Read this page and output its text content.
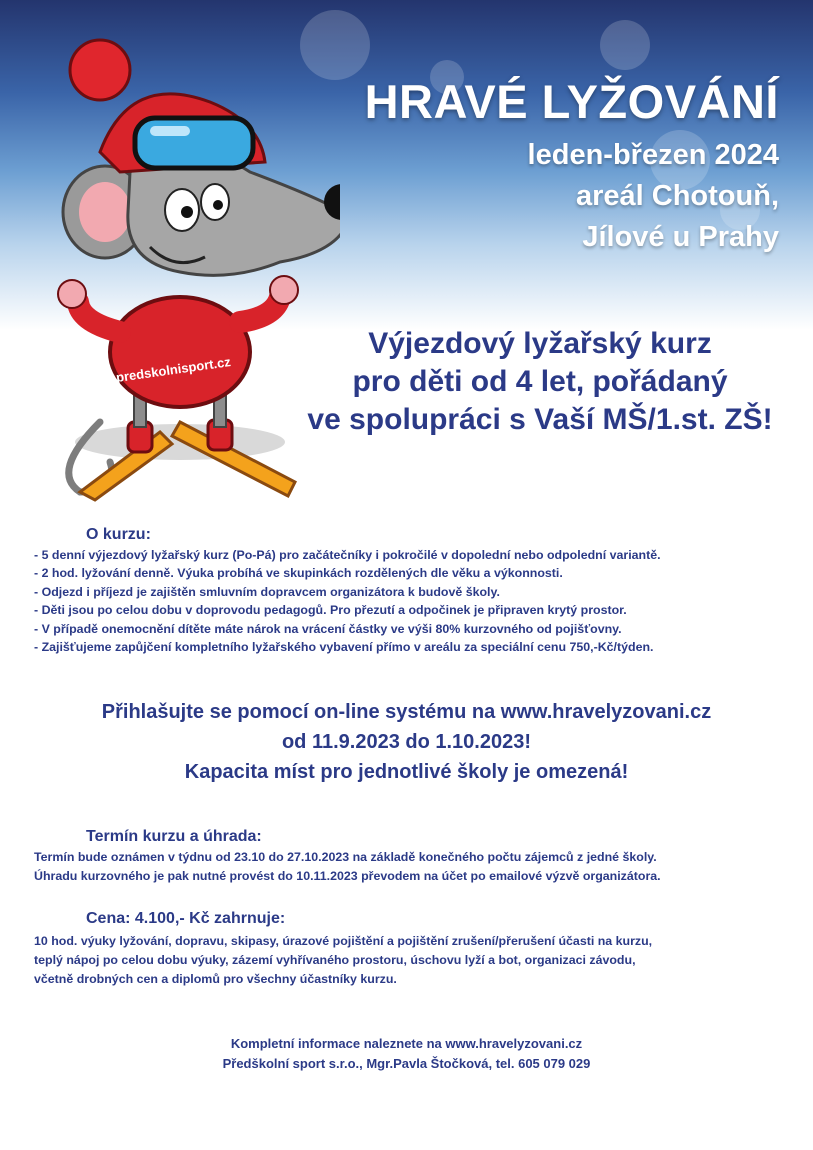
HRAVÉ LYŽOVÁNÍ
leden-březen 2024
areál Chotouň,
Jílové u Prahy
predskolnisport.cz
Výjezdový lyžařský kurz
pro děti od 4 let, pořádaný
ve spolupráci s Vaší MŠ/1.st. ZŠ!
O kurzu:
- 5 denní výjezdový lyžařský kurz (Po-Pá) pro začátečníky i pokročilé v dopolední nebo odpolední variantě.
- 2 hod. lyžování denně. Výuka probíhá ve skupinkách rozdělených dle věku a výkonnosti.
- Odjezd i příjezd je zajištěn smluvním dopravcem organizátora k budově školy.
- Děti jsou po celou dobu v doprovodu pedagogů. Pro přezutí a odpočinek je připraven krytý prostor.
- V případě onemocnění dítěte máte nárok na vrácení částky ve výši 80% kurzovného od pojišťovny.
- Zajišťujeme zapůjčení kompletního lyžařského vybavení přímo v areálu za speciální cenu 750,-Kč/týden.
Přihlašujte se pomocí on-line systému na www.hravelyzovani.cz
od 11.9.2023 do 1.10.2023!
Kapacita míst pro jednotlivé školy je omezená!
Termín kurzu a úhrada:
Termín bude oznámen v týdnu od 23.10 do 27.10.2023 na základě konečného počtu zájemců z jedné školy.
Úhradu kurzovného je pak nutné provést do 10.11.2023 převodem na účet po emailové výzvě organizátora.
Cena: 4.100,- Kč zahrnuje:
10 hod. výuky lyžování, dopravu, skipasy, úrazové pojištění a pojištění zrušení/přerušení účasti na kurzu,
teplý nápoj po celou dobu výuky, zázemí vyhřívaného prostoru, úschovu lyží a bot, organizaci závodu,
včetně drobných cen a diplomů pro všechny účastníky kurzu.
Kompletní informace naleznete na www.hravelyzovani.cz
Předškolní sport s.r.o., Mgr.Pavla Štočková, tel. 605 079 029
